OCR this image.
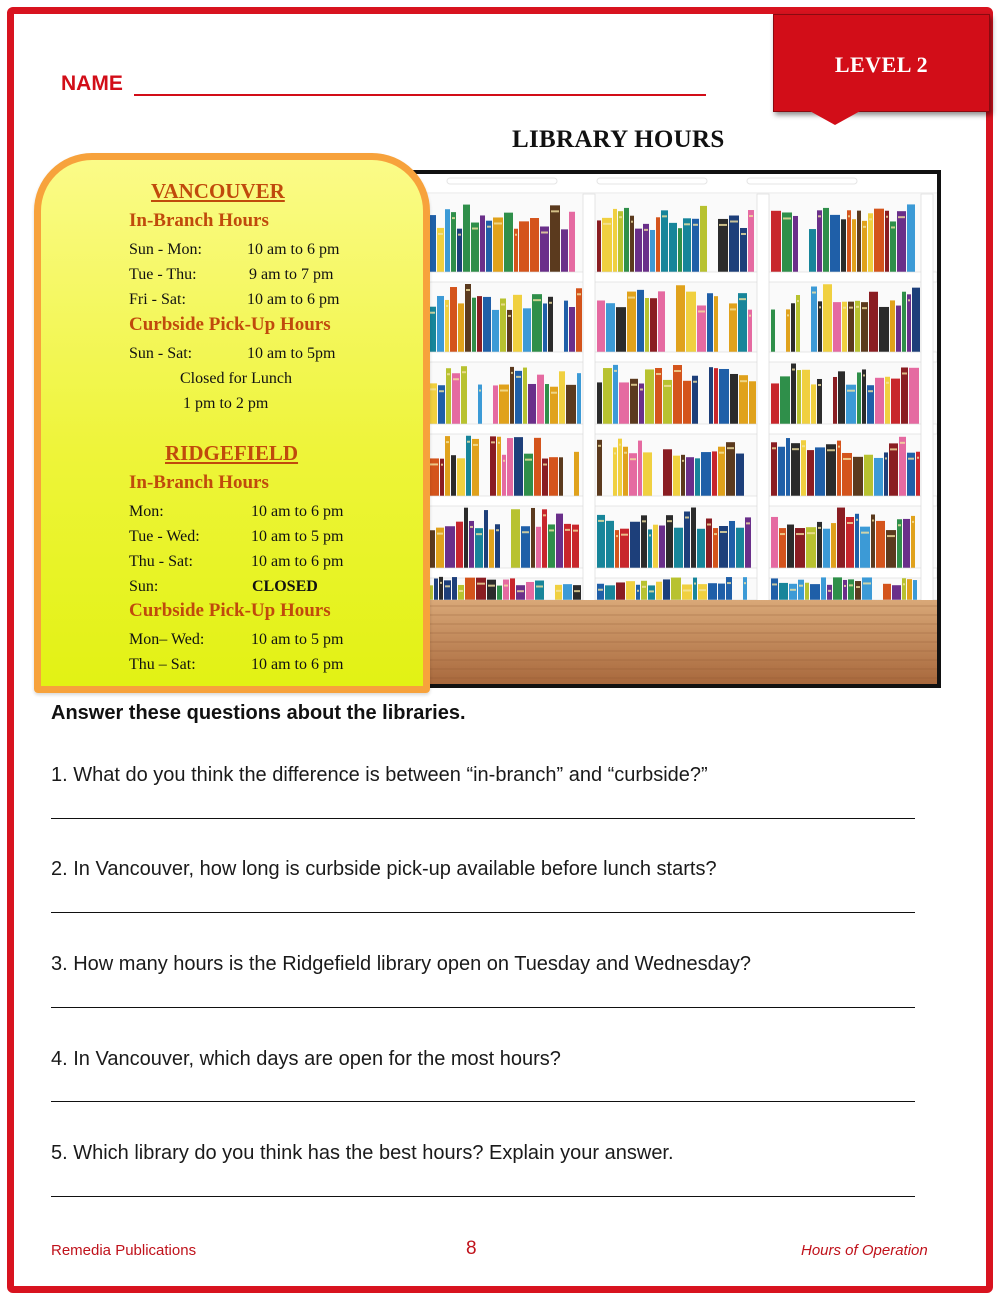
LEVEL 2
NAME
LIBRARY HOURS
VANCOUVER
In-Branch Hours
Sun - Mon:	10 am to 6 pm
Tue - Thu:	9 am to 7 pm
Fri - Sat:	10 am to 6 pm
Curbside Pick-Up Hours
Sun - Sat:	10 am to 5pm
Closed for Lunch
1 pm to 2 pm
RIDGEFIELD
In-Branch Hours
Mon:	10 am to 6 pm
Tue - Wed:	10 am to 5 pm
Thu - Sat:	10 am to 6 pm
Sun:	CLOSED
Curbside Pick-Up Hours
Mon– Wed:	10 am to 5 pm
Thu – Sat:	10 am to 6 pm
Answer these questions about the libraries.
1. What do you think the difference is between “in-branch” and “curbside?”
2. In Vancouver, how long is curbside pick-up available before lunch starts?
3. How many hours is the Ridgefield library open on Tuesday and Wednesday?
4. In Vancouver, which days are open for the most hours?
5. Which library do you think has the best hours? Explain your answer.
Remedia Publications	8	Hours of Operation
